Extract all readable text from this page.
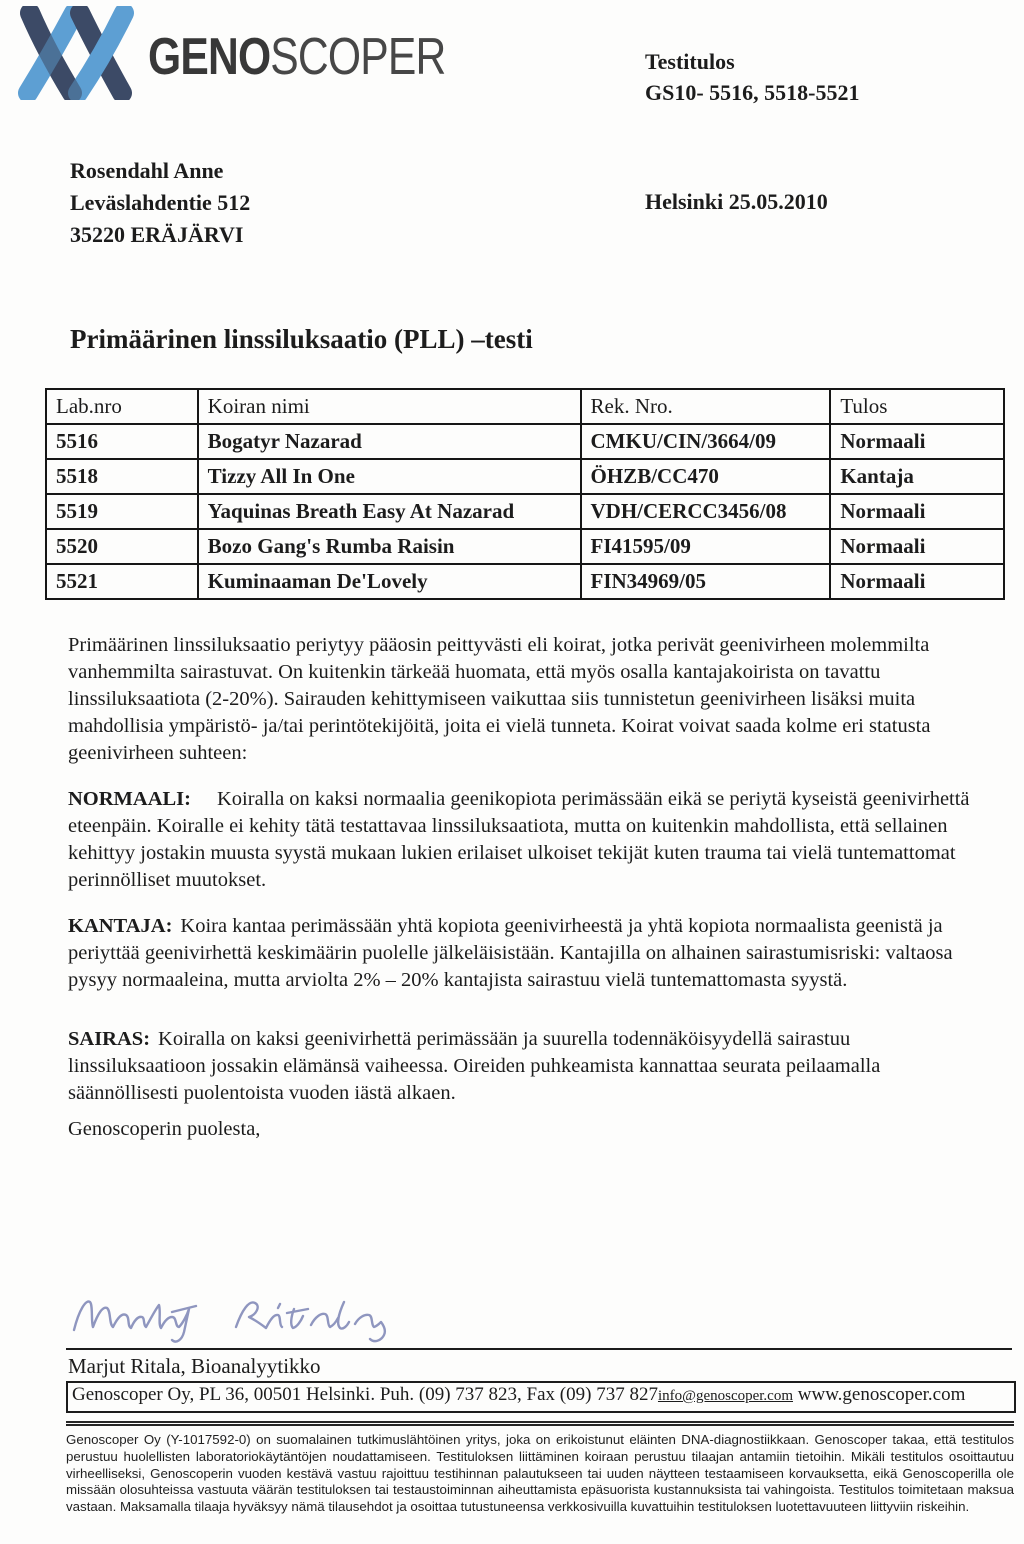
GENOSCOPER	Testitulos
GS10- 5516, 5518-5521
Rosendahl Anne
Leväslahdentie 512
35220 ERÄJÄRVI
Helsinki 25.05.2010
Primäärinen linssiluksaatio (PLL) –testi
Lab.nro	Koiran nimi	Rek. Nro.	Tulos
5516	Bogatyr Nazarad	CMKU/CIN/3664/09	Normaali
5518	Tizzy All In One	ÖHZB/CC470	Kantaja
5519	Yaquinas Breath Easy At Nazarad	VDH/CERCC3456/08	Normaali
5520	Bozo Gang's Rumba Raisin	FI41595/09	Normaali
5521	Kuminaaman De'Lovely	FIN34969/05	Normaali
Primäärinen linssiluksaatio periytyy pääosin peittyvästi eli koirat, jotka perivät geenivirheen molemmilta vanhemmilta sairastuvat. On kuitenkin tärkeää huomata, että myös osalla kantajakoirista on tavattu linssiluksaatiota (2-20%). Sairauden kehittymiseen vaikuttaa siis tunnistetun geenivirheen lisäksi muita mahdollisia ympäristö- ja/tai perintötekijöitä, joita ei vielä tunneta. Koirat voivat saada kolme eri statusta geenivirheen suhteen:
NORMAALI: Koiralla on kaksi normaalia geenikopiota perimässään eikä se periytä kyseistä geenivirhettä eteenpäin. Koiralle ei kehity tätä testattavaa linssiluksaatiota, mutta on kuitenkin mahdollista, että sellainen kehittyy jostakin muusta syystä mukaan lukien erilaiset ulkoiset tekijät kuten trauma tai vielä tuntemattomat perinnölliset muutokset.
KANTAJA: Koira kantaa perimässään yhtä kopiota geenivirheestä ja yhtä kopiota normaalista geenistä ja periyttää geenivirhettä keskimäärin puolelle jälkeläisistään. Kantajilla on alhainen sairastumisriski: valtaosa pysyy normaaleina, mutta arviolta 2% – 20% kantajista sairastuu vielä tuntemattomasta syystä.
SAIRAS: Koiralla on kaksi geenivirhettä perimässään ja suurella todennäköisyydellä sairastuu linssiluksaatioon jossakin elämänsä vaiheessa. Oireiden puhkeamista kannattaa seurata peilaamalla säännöllisesti puolentoista vuoden iästä alkaen.
Genoscoperin puolesta,
Marjut Ritala, Bioanalyytikko
Genoscoper Oy, PL 36, 00501 Helsinki. Puh. (09) 737 823, Fax (09) 737 827info@genoscoper.com www.genoscoper.com
Genoscoper Oy (Y-1017592-0) on suomalainen tutkimuslähtöinen yritys, joka on erikoistunut eläinten DNA-diagnostiikkaan. Genoscoper takaa, että testitulos perustuu huolellisten laboratoriokäytäntöjen noudattamiseen. Testituloksen liittäminen koiraan perustuu tilaajan antamiin tietoihin. Mikäli testitulos osoittautuu virheelliseksi, Genoscoperin vuoden kestävä vastuu rajoittuu testihinnan palautukseen tai uuden näytteen testaamiseen korvauksetta, eikä Genoscoperilla ole missään olosuhteissa vastuuta väärän testituloksen tai testaustoiminnan aiheuttamista epäsuorista kustannuksista tai vahingoista. Testitulos toimitetaan maksua vastaan. Maksamalla tilaaja hyväksyy nämä tilausehdot ja osoittaa tutustuneensa verkkosivuilla kuvattuihin testituloksen luotettavuuteen liittyviin riskeihin.
